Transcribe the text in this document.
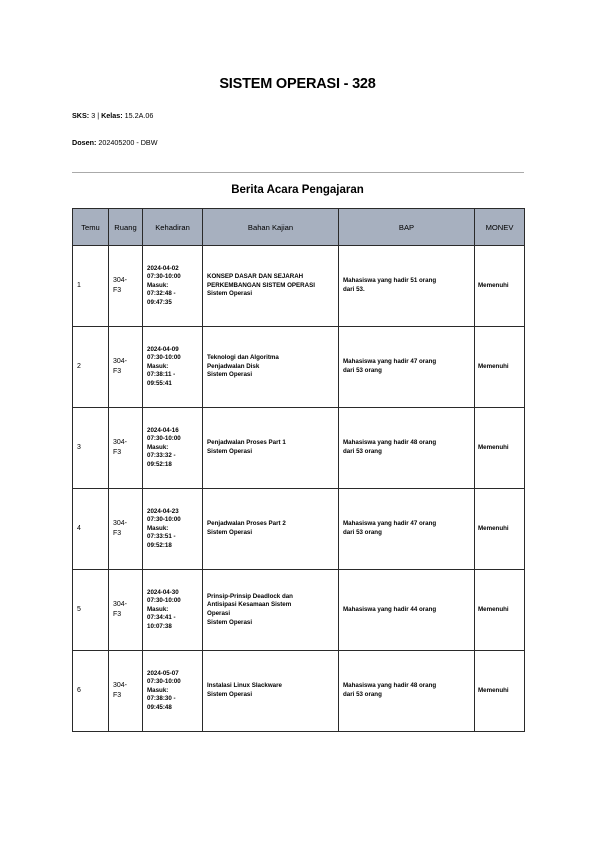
SISTEM OPERASI - 328
SKS: 3 | Kelas: 15.2A.06
Dosen: 202405200 - DBW
Berita Acara Pengajaran
Temu	Ruang	Kehadiran	Bahan Kajian	BAP	MONEV
1	304-
F3	2024-04-02
07:30-10:00
Masuk:
07:32:48 -
09:47:35	KONSEP DASAR DAN SEJARAH
PERKEMBANGAN SISTEM OPERASI
Sistem Operasi	Mahasiswa yang hadir 51 orang
dari 53.	Memenuhi
2	304-
F3	2024-04-09
07:30-10:00
Masuk:
07:38:11 -
09:55:41	Teknologi dan Algoritma
Penjadwalan Disk
Sistem Operasi	Mahasiswa yang hadir 47 orang
dari 53 orang	Memenuhi
3	304-
F3	2024-04-16
07:30-10:00
Masuk:
07:33:32 -
09:52:18	Penjadwalan Proses Part 1
Sistem Operasi	Mahasiswa yang hadir 48 orang
dari 53 orang	Memenuhi
4	304-
F3	2024-04-23
07:30-10:00
Masuk:
07:33:51 -
09:52:18	Penjadwalan Proses Part 2
Sistem Operasi	Mahasiswa yang hadir 47 orang
dari 53 orang	Memenuhi
5	304-
F3	2024-04-30
07:30-10:00
Masuk:
07:34:41 -
10:07:38	Prinsip-Prinsip Deadlock dan
Antisipasi Kesamaan Sistem
Operasi
Sistem Operasi	Mahasiswa yang hadir 44 orang	Memenuhi
6	304-
F3	2024-05-07
07:30-10:00
Masuk:
07:38:30 -
09:45:48	Instalasi Linux Slackware
Sistem Operasi	Mahasiswa yang hadir 48 orang
dari 53 orang	Memenuhi
